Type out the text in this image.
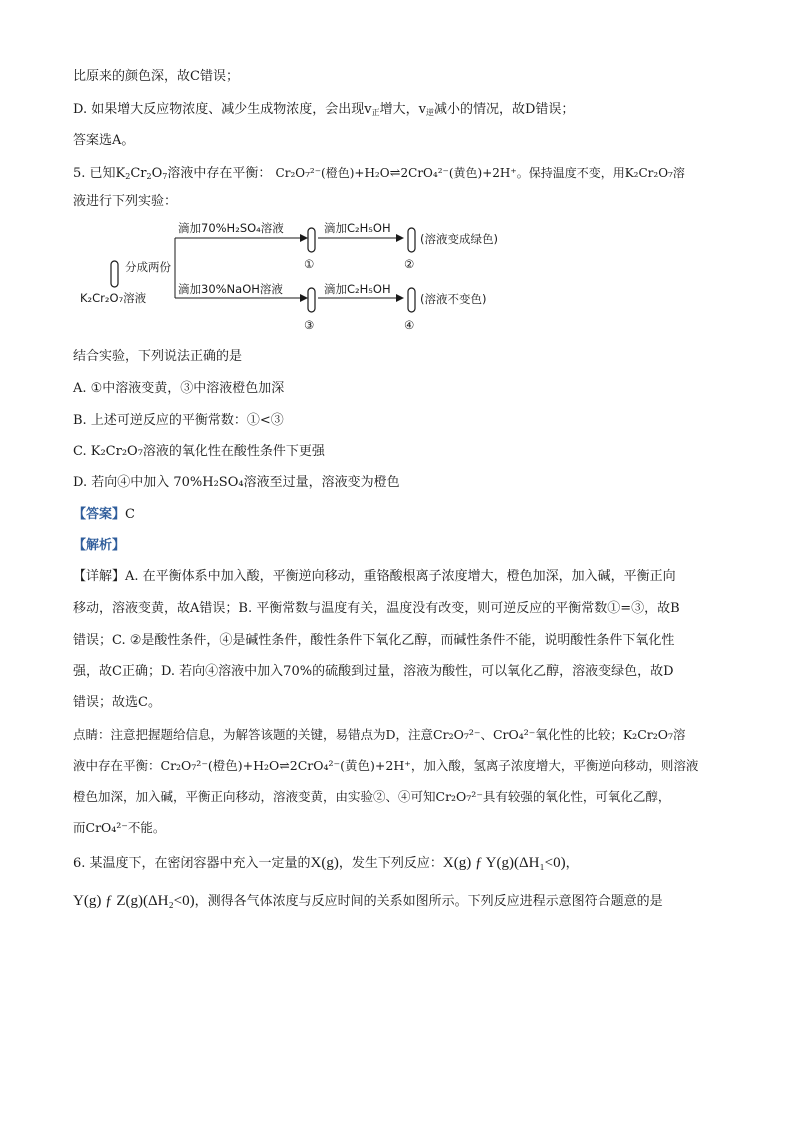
比原来的颜色深，故C错误；
D. 如果增大反应物浓度、减少生成物浓度，会出现$v_正$增大，$v_逆$减小的情况，故D错误；
答案选A。
5. 已知$K_2Cr_2O_7$溶液中存在平衡： Cr₂O₇²⁻(橙色)+H₂O⇌2CrO₄²⁻(黄色)+2H⁺。保持温度不变，用K₂Cr₂O₇溶
液进行下列实验：
分成两份
K₂Cr₂O₇溶液
滴加70%H₂SO₄溶液
滴加30%NaOH溶液
①
③
滴加C₂H₅OH
滴加C₂H₅OH
②
(溶液变成绿色)
④
(溶液不变色)
结合实验，下列说法正确的是
A. ①中溶液变黄，③中溶液橙色加深
B. 上述可逆反应的平衡常数：①<③
C. K₂Cr₂O₇溶液的氧化性在酸性条件下更强
D. 若向④中加入 70%H₂SO₄溶液至过量，溶液变为橙色
【答案】C
【解析】
【详解】A. 在平衡体系中加入酸，平衡逆向移动，重铬酸根离子浓度增大，橙色加深，加入碱，平衡正向
移动，溶液变黄，故A错误；B. 平衡常数与温度有关，温度没有改变，则可逆反应的平衡常数①=③，故B
错误；C. ②是酸性条件，④是碱性条件，酸性条件下氧化乙醇，而碱性条件不能，说明酸性条件下氧化性
强，故C正确；D. 若向④溶液中加入70%的硫酸到过量，溶液为酸性，可以氧化乙醇，溶液变绿色，故D
错误；故选C。
点睛：注意把握题给信息，为解答该题的关键，易错点为D，注意Cr₂O₇²⁻、CrO₄²⁻氧化性的比较；K₂Cr₂O₇溶
液中存在平衡：Cr₂O₇²⁻(橙色)+H₂O⇌2CrO₄²⁻(黄色)+2H⁺，加入酸，氢离子浓度增大，平衡逆向移动，则溶液
橙色加深，加入碱，平衡正向移动，溶液变黄，由实验②、④可知Cr₂O₇²⁻具有较强的氧化性，可氧化乙醇，
而CrO₄²⁻不能。
6. 某温度下，在密闭容器中充入一定量的X(g)，发生下列反应：X(g) ƒ Y(g)(ΔH₁<0)，
Y(g) ƒ Z(g)(ΔH₂<0)，测得各气体浓度与反应时间的关系如图所示。下列反应进程示意图符合题意的是
